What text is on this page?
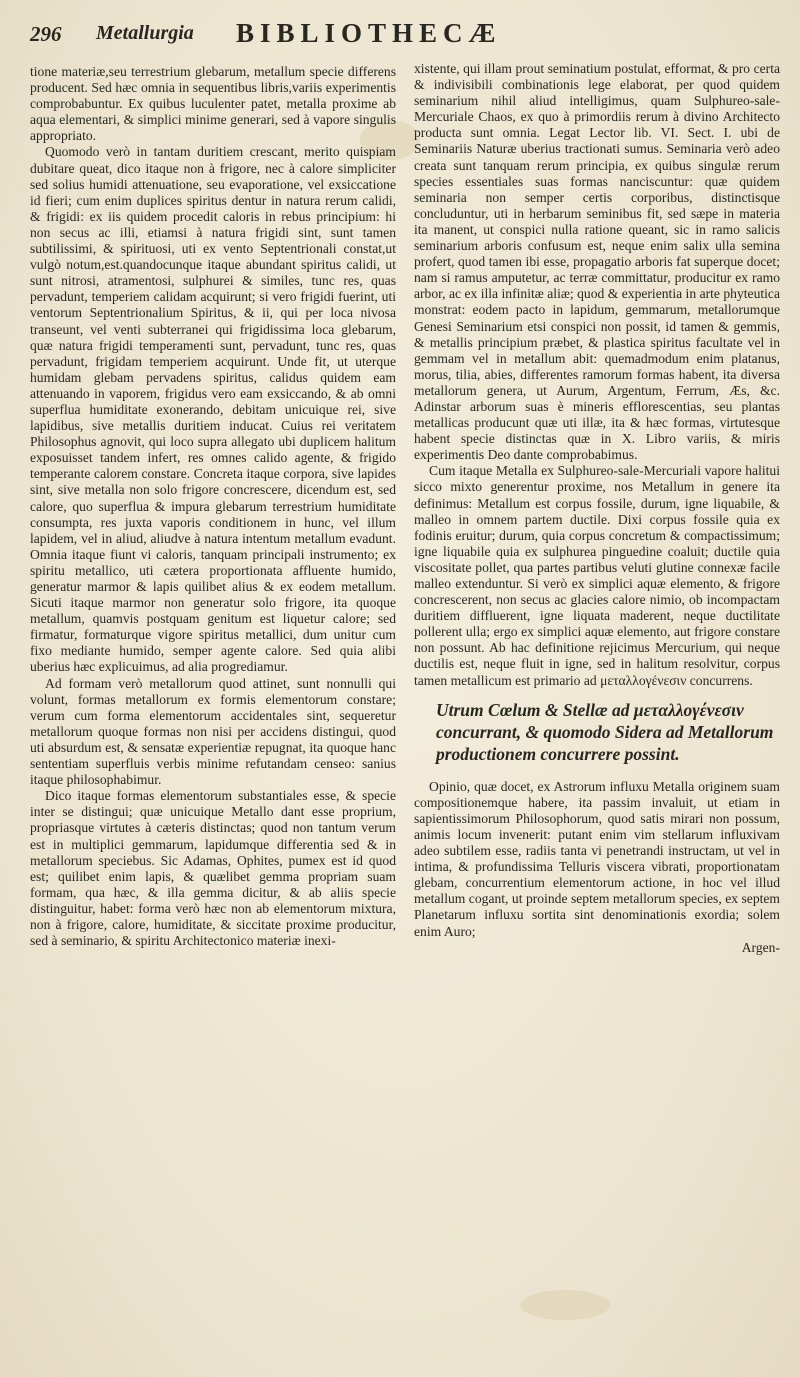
296 Metallurgia BIBLIOTHECÆ

tione materiæ,seu terrestrium glebarum, metallum specie differens producent. Sed hæc omnia in sequentibus libris,variis experimentis comprobabuntur. Ex quibus luculenter patet, metalla proxime ab aqua elementari, & simplici minime generari, sed à vapore singulis appropriato.

Quomodo verò in tantam duritiem crescant, merito quispiam dubitare queat, dico itaque non à frigore, nec à calore simpliciter sed solius humidi attenuatione, seu evaporatione, vel exsiccatione id fieri; cum enim duplices spiritus dentur in natura rerum calidi, & frigidi: ex iis quidem procedit caloris in rebus principium: hi non secus ac illi, etiamsi à natura frigidi sint, sunt tamen subtilissimi, & spirituosi, uti ex vento Septentrionali constat,ut vulgò notum,est.quandocunque itaque abundant spiritus calidi, ut sunt nitrosi, atramentosi, sulphurei & similes, tunc res, quas pervadunt, temperiem calidam acquirunt; si vero frigidi fuerint, uti ventorum Septentrionalium Spiritus, & ii, qui per loca nivosa transeunt, vel venti subterranei qui frigidissima loca glebarum, quæ natura frigidi temperamenti sunt, pervadunt, tunc res, quas pervadunt, frigidam temperiem acquirunt. Unde fit, ut uterque humidam glebam pervadens spiritus, calidus quidem eam attenuando in vaporem, frigidus vero eam exsiccando, & ab omni superflua humiditate exonerando, debitam unicuique rei, sive lapidibus, sive metallis duritiem inducat. Cuius rei veritatem Philosophus agnovit, qui loco supra allegato ubi duplicem halitum exposuisset tandem infert, res omnes calido agente, & frigido temperante calorem constare. Concreta itaque corpora, sive lapides sint, sive metalla non solo frigore concrescere, dicendum est, sed calore, quo superflua & impura glebarum terrestrium humiditate consumpta, res juxta vaporis conditionem in hunc, vel illum lapidem, vel in aliud, aliudve à natura intentum metallum evadunt. Omnia itaque fiunt vi caloris, tanquam principali instrumento; ex spiritu metallico, uti cætera proportionata affluente humido, generatur marmor & lapis quilibet alius & ex eodem metallum. Sicuti itaque marmor non generatur solo frigore, ita quoque metallum, quamvis postquam genitum est liquetur calore; sed firmatur, formaturque vigore spiritus metallici, dum unitur cum fixo mediante humido, semper agente calore. Sed quia alibi uberius hæc explicuimus, ad alia progrediamur.

Ad formam verò metallorum quod attinet, sunt nonnulli qui volunt, formas metallorum ex formis elementorum constare; verum cum forma elementorum accidentales sint, sequeretur metallorum quoque formas non nisi per accidens distingui, quod uti absurdum est, & sensatæ experientiæ repugnat, ita quoque hanc sententiam superfluis verbis minime refutandam censeo: sanius itaque philosophabimur.

Dico itaque formas elementorum substantiales esse, & specie inter se distingui; quæ unicuique Metallo dant esse proprium, propriasque virtutes à cæteris distinctas; quod non tantum verum est in multiplici gemmarum, lapidumque differentia sed & in metallorum speciebus. Sic Adamas, Ophites, pumex est id quod est; quilibet enim lapis, & quælibet gemma propriam suam formam, qua hæc, & illa gemma dicitur, & ab aliis specie distinguitur, habet: forma verò hæc non ab elementorum mixtura, non à frigore, calore, humiditate, & siccitate proxime producitur, sed à seminario, & spiritu Architectonico materiæ inexi-

xistente, qui illam prout seminatium postulat, efformat, & pro certa & indivisibili combinationis lege elaborat, per quod quidem seminarium nihil aliud intelligimus, quam Sulphureo-sale-Mercuriale Chaos, ex quo à primordiis rerum à divino Architecto producta sunt omnia. Legat Lector lib. VI. Sect. I. ubi de Seminariis Naturæ uberius tractionati sumus. Seminaria verò adeo creata sunt tanquam rerum principia, ex quibus singulæ rerum species essentiales suas formas nanciscuntur: quæ quidem seminaria non semper certis corporibus, distinctisque concluduntur, uti in herbarum seminibus fit, sed sæpe in materia ita manent, ut conspici nulla ratione queant, sic in ramo salicis seminarium arboris confusum est, neque enim salix ulla semina profert, quod tamen ibi esse, propagatio arboris fat superque docet; nam si ramus amputetur, ac terræ committatur, producitur ex ramo arbor, ac ex illa infinitæ aliæ; quod & experientia in arte phyteutica monstrat: eodem pacto in lapidum, gemmarum, metallorumque Genesi Seminarium etsi conspici non possit, id tamen & gemmis, & metallis principium præbet, & plastica spiritus facultate vel in gemmam vel in metallum abit: quemadmodum enim platanus, morus, tilia, abies, differentes ramorum formas habent, ita diversa metallorum genera, ut Aurum, Argentum, Ferrum, Æs, &c. Adinstar arborum suas è mineris efflorescentias, seu plantas metallicas producunt quæ uti illæ, ita & hæc formas, virtutesque habent specie distinctas quæ in X. Libro variis, & miris experimentis Deo dante comprobabimus.

Cum itaque Metalla ex Sulphureo-sale-Mercuriali vapore halitui sicco mixto generentur proxime, nos Metallum in genere ita definimus: Metallum est corpus fossile, durum, igne liquabile, & malleo in omnem partem ductile. Dixi corpus fossile quia ex fodinis eruitur; durum, quia corpus concretum & compactissimum; igne liquabile quia ex sulphurea pinguedine coaluit; ductile quia viscositate pollet, qua partes partibus veluti glutine connexæ facile malleo extenduntur. Si verò ex simplici aquæ elemento, & frigore concrescerent, non secus ac glacies calore nimio, ob incompactam duritiem diffluerent, igne liquata maderent, neque ductilitate pollerent ulla; ergo ex simplici aquæ elemento, aut frigore constare non possunt. Ab hac definitione rejicimus Mercurium, qui neque ductilis est, neque fluit in igne, sed in halitum resolvitur, corpus tamen metallicum est primario ad μεταλλογένεσιν concurrens.

Utrum Cœlum & Stellæ ad μεταλλογένεσιν concurrant, & quomodo Sidera ad Metallorum productionem concurrere possint.

Opinio, quæ docet, ex Astrorum influxu Metalla originem suam compositionemque habere, ita passim invaluit, ut etiam in sapientissimorum Philosophorum, quod satis mirari non possum, animis locum invenerit: putant enim vim stellarum influxivam adeo subtilem esse, radiis tanta vi penetrandi instructam, ut vel in intima, & profundissima Telluris viscera vibrati, proportionatam glebam, concurrentium elementorum actione, in hoc vel illud metallum cogant, ut proinde septem metallorum species, ex septem Planetarum influxu sortita sint denominationis exordia; solem enim Auro;

Argen-
